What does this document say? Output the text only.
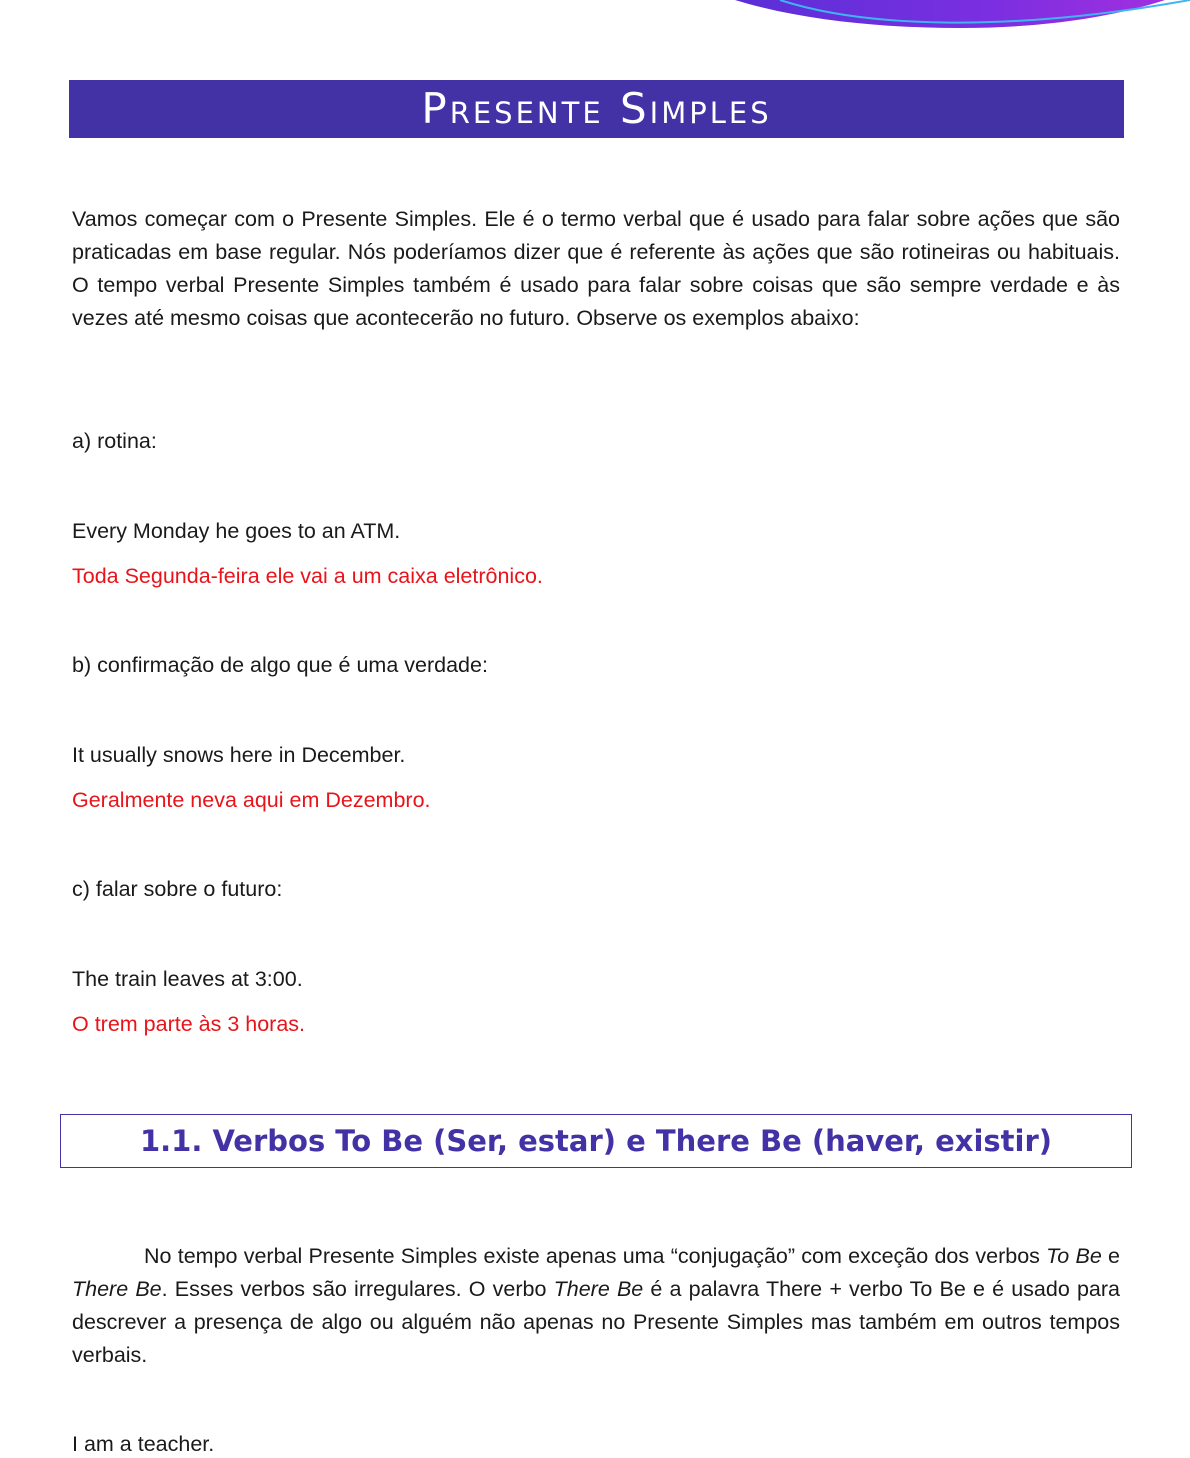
Presente Simples

Vamos começar com o Presente Simples. Ele é o termo verbal que é usado para falar sobre ações que são praticadas em base regular. Nós poderíamos dizer que é referente às ações que são rotineiras ou habituais. O tempo verbal Presente Simples também é usado para falar sobre coisas que são sempre verdade e às vezes até mesmo coisas que acontecerão no futuro. Observe os exemplos abaixo:

a) rotina:

Every Monday he goes to an ATM.

Toda Segunda-feira ele vai a um caixa eletrônico.

b) confirmação de algo que é uma verdade:

It usually snows here in December.

Geralmente neva aqui em Dezembro.

c) falar sobre o futuro:

The train leaves at 3:00.

O trem parte às 3 horas.

1.1. Verbos To Be (Ser, estar) e There Be (haver, existir)

No tempo verbal Presente Simples existe apenas uma “conjugação” com exceção dos verbos To Be e There Be. Esses verbos são irregulares. O verbo There Be é a palavra There + verbo To Be e é usado para descrever a presença de algo ou alguém não apenas no Presente Simples mas também em outros tempos verbais.

I am a teacher.
